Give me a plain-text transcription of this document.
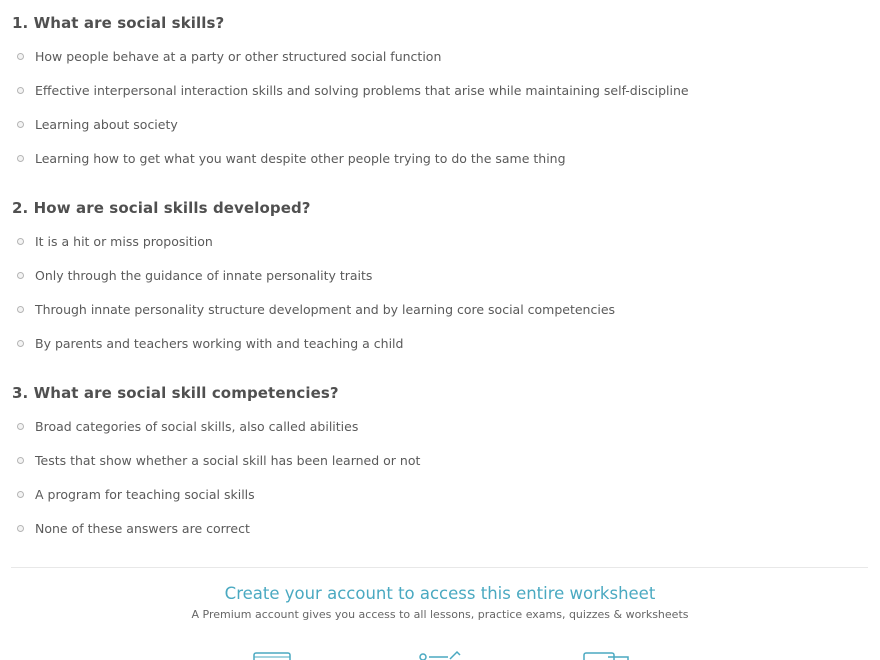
1. What are social skills?
How people behave at a party or other structured social function
Effective interpersonal interaction skills and solving problems that arise while maintaining self-discipline
Learning about society
Learning how to get what you want despite other people trying to do the same thing
2. How are social skills developed?
It is a hit or miss proposition
Only through the guidance of innate personality traits
Through innate personality structure development and by learning core social competencies
By parents and teachers working with and teaching a child
3. What are social skill competencies?
Broad categories of social skills, also called abilities
Tests that show whether a social skill has been learned or not
A program for teaching social skills
None of these answers are correct
Create your account to access this entire worksheet
A Premium account gives you access to all lessons, practice exams, quizzes & worksheets
